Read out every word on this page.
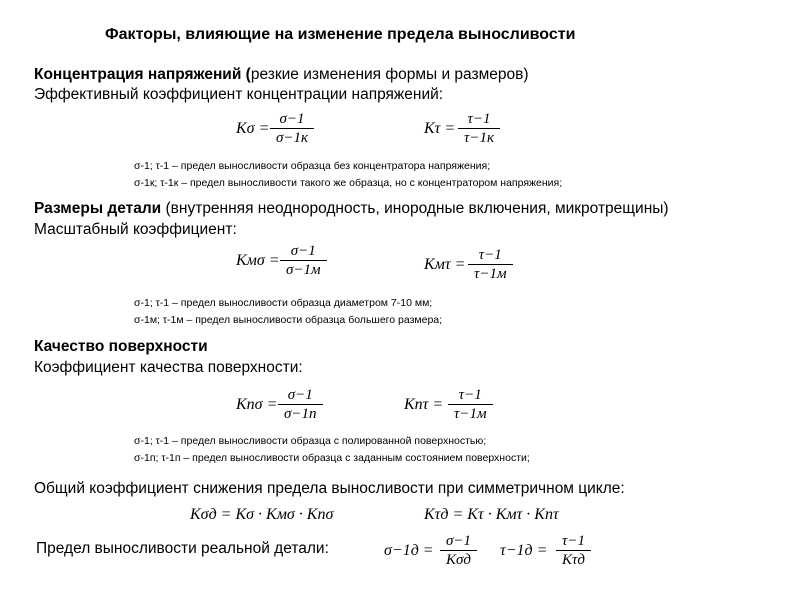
Факторы, влияющие на изменение предела выносливости
Концентрация напряжений (резкие изменения формы и размеров)
Эффективный коэффициент концентрации напряжений:
Kσ =
σ−1
σ−1к
Kτ =
τ−1
τ−1к
σ-1; τ-1 – предел выносливости образца без концентратора напряжения;
σ-1к; τ-1к – предел выносливости такого же образца, но с концентратором напряжения;
Размеры детали (внутренняя неоднородность, инородные включения, микротрещины)
Масштабный коэффициент:
Kмσ =
σ−1
σ−1м	Kмτ =
τ−1
τ−1м
σ-1; τ-1 – предел выносливости образца диаметром 7-10 мм;
σ-1м; τ-1м – предел выносливости образца большего размера;
Качество поверхности
Коэффициент качества поверхности:
Kпσ =
σ−1
σ−1п
Kпτ =
τ−1
τ−1м
σ-1; τ-1 – предел выносливости образца с полированной поверхностью;
σ-1п; τ-1п – предел выносливости образца с заданным состоянием поверхности;
Общий коэффициент снижения предела выносливости при симметричном цикле:
Kσд = Kσ · Kмσ · Kпσ	Kτд = Kτ · Kмτ · Kпτ
Предел выносливости реальной детали:	σ−1д =
σ−1
Kσд
τ−1д =
τ−1
Kτд
